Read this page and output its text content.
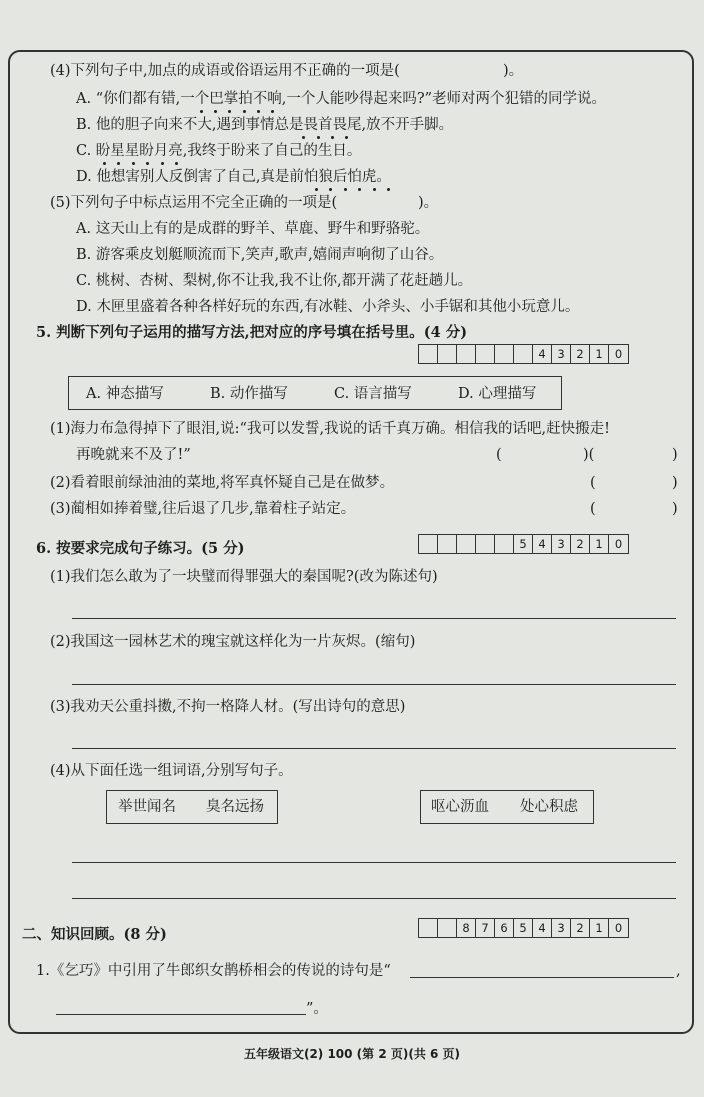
(4)下列句子中,加点的成语或俗语运用不正确的一项是(	)。
A. “你们都有错,一个巴掌拍不响,一个人能吵得起来吗?”老师对两个犯错的同学说。
B. 他的胆子向来不大,遇到事情总是畏首畏尾,放不开手脚。
C. 盼星星盼月亮,我终于盼来了自己的生日。
D. 他想害别人反倒害了自己,真是前怕狼后怕虎。
(5)下列句子中标点运用不完全正确的一项是(	)。
A. 这天山上有的是成群的野羊、草鹿、野牛和野骆驼。
B. 游客乘皮划艇顺流而下,笑声,歌声,嬉闹声响彻了山谷。
C. 桃树、杏树、梨树,你不让我,我不让你,都开满了花赶趟儿。
D. 木匣里盛着各种各样好玩的东西,有冰鞋、小斧头、小手锯和其他小玩意儿。
5. 判断下列句子运用的描写方法,把对应的序号填在括号里。(4 分)
4	3	2	1	0
A. 神态描写	B. 动作描写	C. 语言描写	D. 心理描写
(1)海力布急得掉下了眼泪,说:“我可以发誓,我说的话千真万确。相信我的话吧,赶快搬走!
再晚就来不及了!”	(	)(	)
(2)看着眼前绿油油的菜地,将军真怀疑自己是在做梦。	(	)
(3)蔺相如捧着璧,往后退了几步,靠着柱子站定。	(	)
6. 按要求完成句子练习。(5 分)	5	4	3	2	1	0
(1)我们怎么敢为了一块璧而得罪强大的秦国呢?(改为陈述句)
(2)我国这一园林艺术的瑰宝就这样化为一片灰烬。(缩句)
(3)我劝天公重抖擞,不拘一格降人材。(写出诗句的意思)
(4)从下面任选一组词语,分别写句子。
举世闻名 臭名远扬	呕心沥血 处心积虑
二、知识回顾。(8 分)	8	7	6	5	4	3	2	1	0
1.《乞巧》中引用了牛郎织女鹊桥相会的传说的诗句是“	,
”。
五年级语文(2) 100 (第 2 页)(共 6 页)
